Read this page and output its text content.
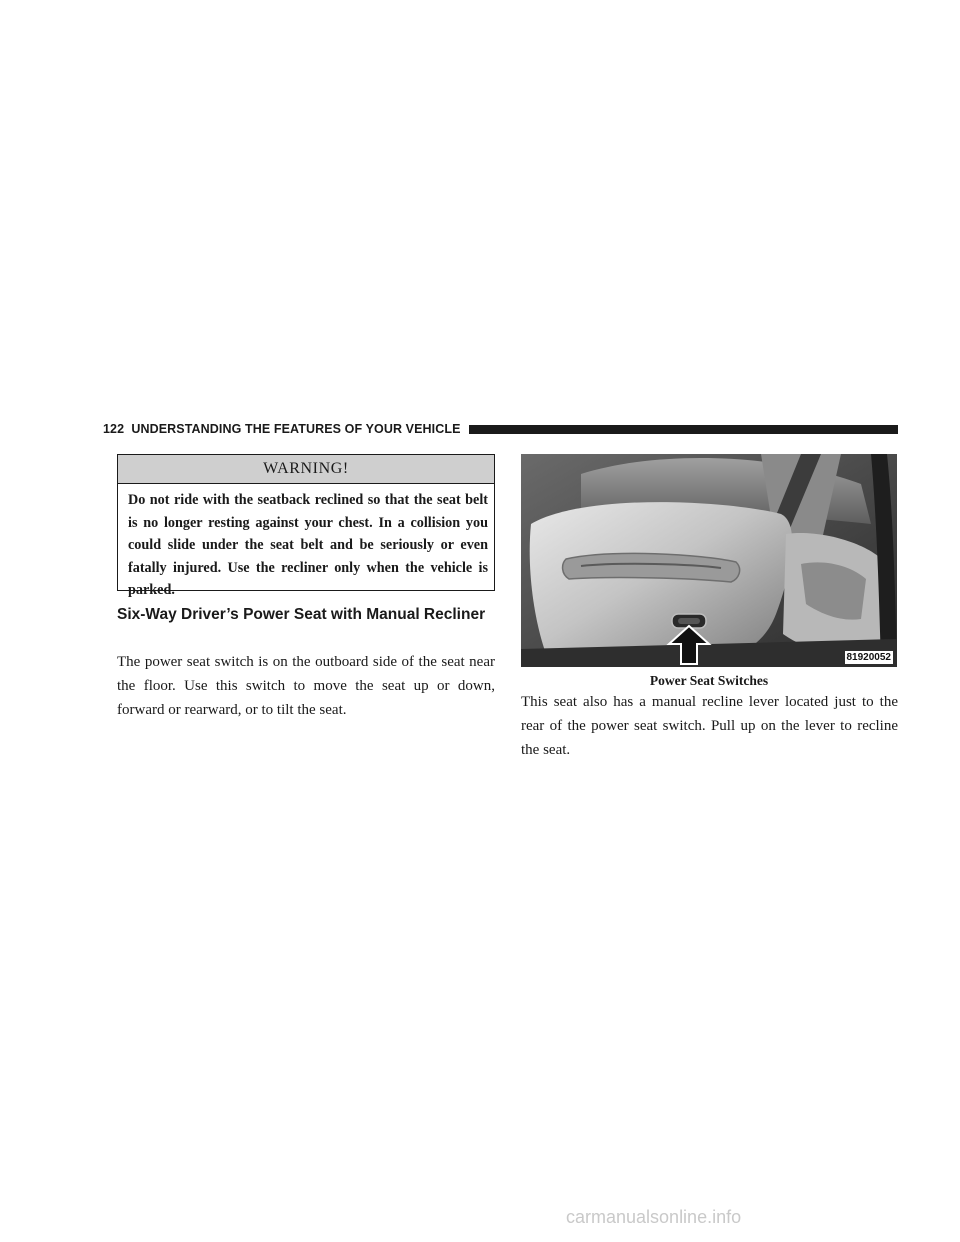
122 UNDERSTANDING THE FEATURES OF YOUR VEHICLE
WARNING!
Do not ride with the seatback reclined so that the seat belt is no longer resting against your chest. In a collision you could slide under the seat belt and be seriously or even fatally injured. Use the recliner only when the vehicle is parked.
Six-Way Driver’s Power Seat with Manual Recliner
The power seat switch is on the outboard side of the seat near the floor. Use this switch to move the seat up or down, forward or rearward, or to tilt the seat.
81920052
Power Seat Switches
This seat also has a manual recline lever located just to the rear of the power seat switch. Pull up on the lever to recline the seat.
carmanualsonline.info
